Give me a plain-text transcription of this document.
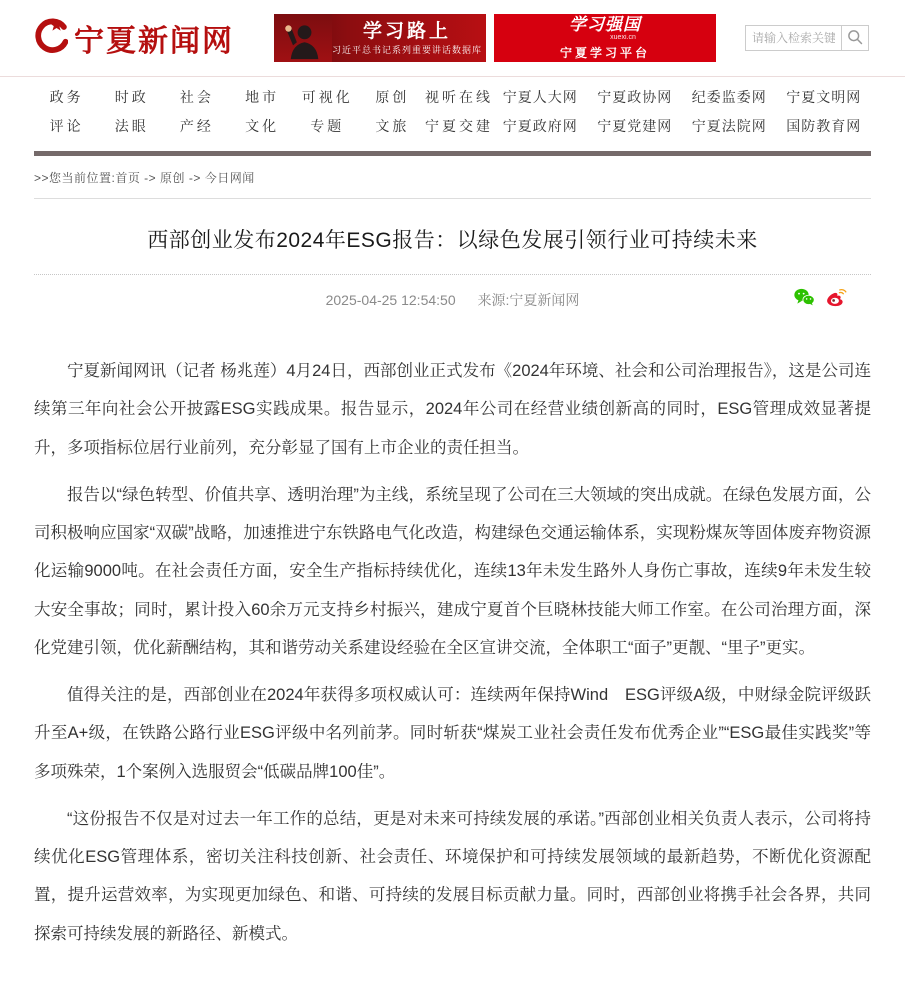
宁夏新闻网	学习路上
习近平总书记系列重要讲话数据库
学习强国
xuexi.cn
宁夏学习平台
请输入检索关键字
政务	时政	社会	地市	可视化	原创	视听在线 宁夏人大网	宁夏政协网	纪委监委网	宁夏文明网
评论	法眼	产经	文化	专题	文旅	宁夏交建 宁夏政府网	宁夏党建网	宁夏法院网	国防教育网
>>您当前位置:首页 -> 原创 -> 今日网闻
西部创业发布2024年ESG报告：以绿色发展引领行业可持续未来
2025-04-25 12:54:50 来源:宁夏新闻网

宁夏新闻网讯（记者 杨兆莲）4月24日，西部创业正式发布《2024年环境、社会和公司治理报告》，这是公司连续第三年向社会公开披露ESG实践成果。报告显示，2024年公司在经营业绩创新高的同时，ESG管理成效显著提升，多项指标位居行业前列，充分彰显了国有上市企业的责任担当。

报告以“绿色转型、价值共享、透明治理”为主线，系统呈现了公司在三大领域的突出成就。在绿色发展方面，公司积极响应国家“双碳”战略，加速推进宁东铁路电气化改造，构建绿色交通运输体系，实现粉煤灰等固体废弃物资源化运输9000吨。在社会责任方面，安全生产指标持续优化，连续13年未发生路外人身伤亡事故，连续9年未发生较大安全事故；同时，累计投入60余万元支持乡村振兴，建成宁夏首个巨晓林技能大师工作室。在公司治理方面，深化党建引领，优化薪酬结构，其和谐劳动关系建设经验在全区宣讲交流，全体职工“面子”更靓、“里子”更实。

值得关注的是，西部创业在2024年获得多项权威认可：连续两年保持Wind　ESG评级A级，中财绿金院评级跃升至A+级，在铁路公路行业ESG评级中名列前茅。同时斩获“煤炭工业社会责任发布优秀企业”“ESG最佳实践奖”等多项殊荣，1个案例入选服贸会“低碳品牌100佳”。

“这份报告不仅是对过去一年工作的总结，更是对未来可持续发展的承诺。”西部创业相关负责人表示，公司将持续优化ESG管理体系，密切关注科技创新、社会责任、环境保护和可持续发展领域的最新趋势，不断优化资源配置，提升运营效率，为实现更加绿色、和谐、可持续的发展目标贡献力量。同时，西部创业将携手社会各界，共同探索可持续发展的新路径、新模式。
